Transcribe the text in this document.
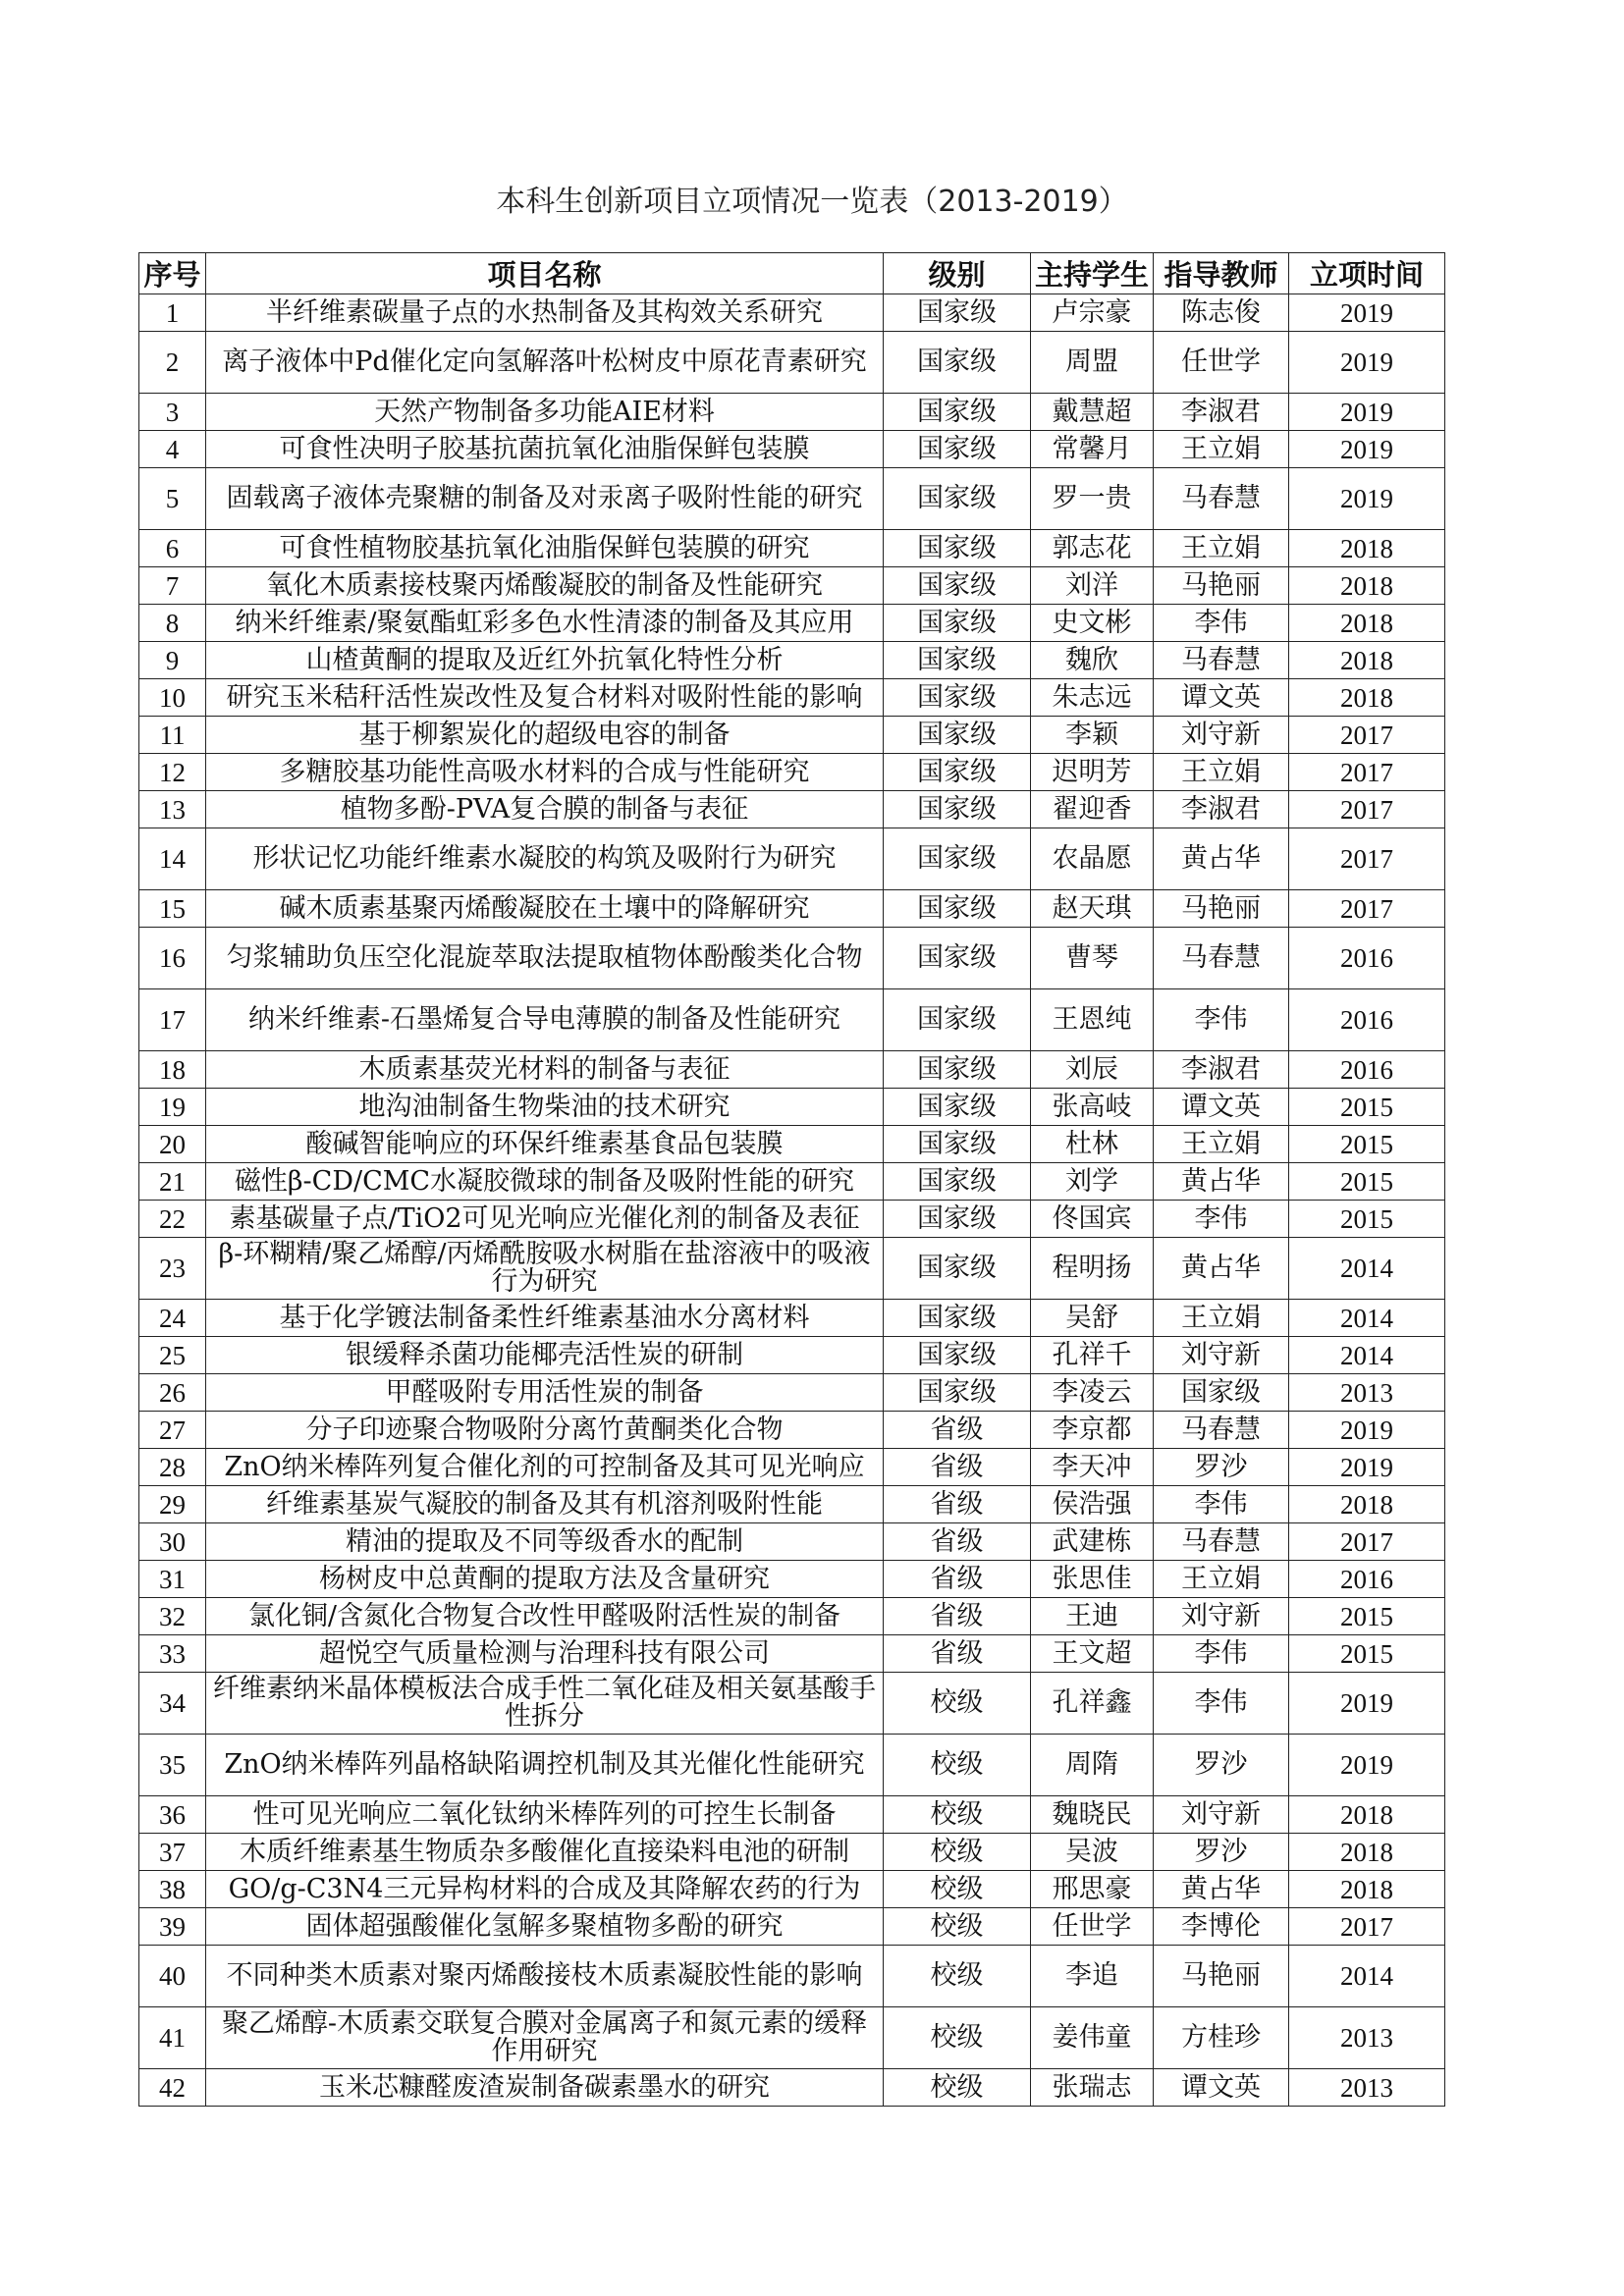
本科生创新项目立项情况一览表（2013-2019）
序号	项目名称	级别	主持学生	指导教师	立项时间
1	半纤维素碳量子点的水热制备及其构效关系研究	国家级	卢宗豪	陈志俊	2019
2	离子液体中Pd催化定向氢解落叶松树皮中原花青素研究	国家级	周盟	任世学	2019
3	天然产物制备多功能AIE材料	国家级	戴慧超	李淑君	2019
4	可食性决明子胶基抗菌抗氧化油脂保鲜包装膜	国家级	常馨月	王立娟	2019
5	固载离子液体壳聚糖的制备及对汞离子吸附性能的研究	国家级	罗一贵	马春慧	2019
6	可食性植物胶基抗氧化油脂保鲜包装膜的研究	国家级	郭志花	王立娟	2018
7	氧化木质素接枝聚丙烯酸凝胶的制备及性能研究	国家级	刘洋	马艳丽	2018
8	纳米纤维素/聚氨酯虹彩多色水性清漆的制备及其应用	国家级	史文彬	李伟	2018
9	山楂黄酮的提取及近红外抗氧化特性分析	国家级	魏欣	马春慧	2018
10	研究玉米秸秆活性炭改性及复合材料对吸附性能的影响	国家级	朱志远	谭文英	2018
11	基于柳絮炭化的超级电容的制备	国家级	李颖	刘守新	2017
12	多糖胶基功能性高吸水材料的合成与性能研究	国家级	迟明芳	王立娟	2017
13	植物多酚-PVA复合膜的制备与表征	国家级	翟迎香	李淑君	2017
14	形状记忆功能纤维素水凝胶的构筑及吸附行为研究	国家级	农晶愿	黄占华	2017
15	碱木质素基聚丙烯酸凝胶在土壤中的降解研究	国家级	赵天琪	马艳丽	2017
16	匀浆辅助负压空化混旋萃取法提取植物体酚酸类化合物	国家级	曹琴	马春慧	2016
17	纳米纤维素-石墨烯复合导电薄膜的制备及性能研究	国家级	王恩纯	李伟	2016
18	木质素基荧光材料的制备与表征	国家级	刘辰	李淑君	2016
19	地沟油制备生物柴油的技术研究	国家级	张高岐	谭文英	2015
20	酸碱智能响应的环保纤维素基食品包装膜	国家级	杜林	王立娟	2015
21	磁性β-CD/CMC水凝胶微球的制备及吸附性能的研究	国家级	刘学	黄占华	2015
22	素基碳量子点/TiO2可见光响应光催化剂的制备及表征	国家级	佟国宾	李伟	2015
23	β-环糊精/聚乙烯醇/丙烯酰胺吸水树脂在盐溶液中的吸液行为研究	国家级	程明扬	黄占华	2014
24	基于化学镀法制备柔性纤维素基油水分离材料	国家级	吴舒	王立娟	2014
25	银缓释杀菌功能椰壳活性炭的研制	国家级	孔祥千	刘守新	2014
26	甲醛吸附专用活性炭的制备	国家级	李凌云	国家级	2013
27	分子印迹聚合物吸附分离竹黄酮类化合物	省级	李京都	马春慧	2019
28	ZnO纳米棒阵列复合催化剂的可控制备及其可见光响应	省级	李天冲	罗沙	2019
29	纤维素基炭气凝胶的制备及其有机溶剂吸附性能	省级	侯浩强	李伟	2018
30	精油的提取及不同等级香水的配制	省级	武建栋	马春慧	2017
31	杨树皮中总黄酮的提取方法及含量研究	省级	张思佳	王立娟	2016
32	氯化铜/含氮化合物复合改性甲醛吸附活性炭的制备	省级	王迪	刘守新	2015
33	超悦空气质量检测与治理科技有限公司	省级	王文超	李伟	2015
34	纤维素纳米晶体模板法合成手性二氧化硅及相关氨基酸手性拆分	校级	孔祥鑫	李伟	2019
35	ZnO纳米棒阵列晶格缺陷调控机制及其光催化性能研究	校级	周隋	罗沙	2019
36	性可见光响应二氧化钛纳米棒阵列的可控生长制备	校级	魏晓民	刘守新	2018
37	木质纤维素基生物质杂多酸催化直接染料电池的研制	校级	吴波	罗沙	2018
38	GO/g-C3N4三元异构材料的合成及其降解农药的行为	校级	邢思豪	黄占华	2018
39	固体超强酸催化氢解多聚植物多酚的研究	校级	任世学	李博伦	2017
40	不同种类木质素对聚丙烯酸接枝木质素凝胶性能的影响	校级	李追	马艳丽	2014
41	聚乙烯醇-木质素交联复合膜对金属离子和氮元素的缓释作用研究	校级	姜伟童	方桂珍	2013
42	玉米芯糠醛废渣炭制备碳素墨水的研究	校级	张瑞志	谭文英	2013
